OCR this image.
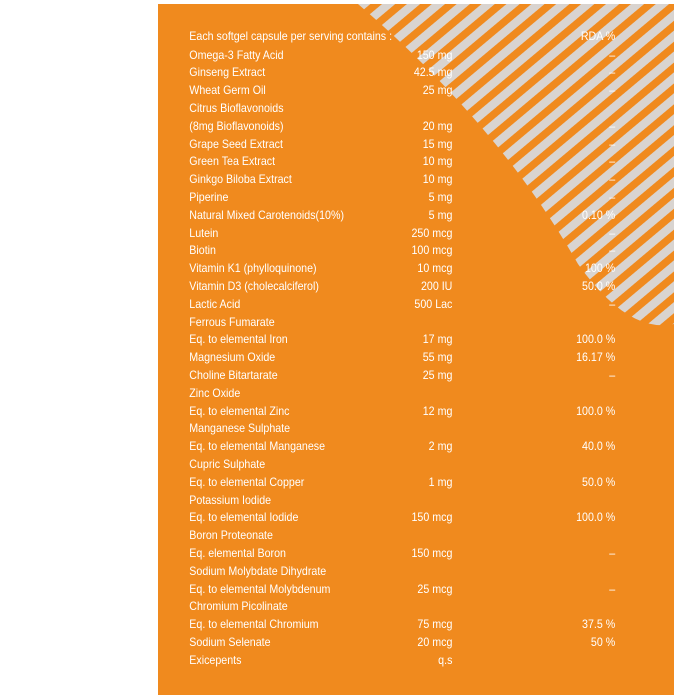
Each softgel capsule per serving contains :	RDA %
Omega-3 Fatty Acid	150 mg	–
Ginseng Extract	42.5 mg	–
Wheat Germ Oil	25 mg	–
Citrus Bioflavonoids
(8mg Bioflavonoids)	20 mg	–
Grape Seed Extract	15 mg	–
Green Tea Extract	10 mg	–
Ginkgo Biloba Extract	10 mg	–
Piperine	5 mg	–
Natural Mixed Carotenoids(10%)	5 mg	0.10 %
Lutein	250 mcg	–
Biotin	100 mcg	–
Vitamin K1 (phylloquinone)	10 mcg	100 %
Vitamin D3 (cholecalciferol)	200 IU	50.0 %
Lactic Acid	500 Lac	–
Ferrous Fumarate
Eq. to elemental Iron	17 mg	100.0 %
Magnesium Oxide	55 mg	16.17 %
Choline Bitartarate	25 mg	–
Zinc Oxide
Eq. to elemental Zinc	12 mg	100.0 %
Manganese Sulphate
Eq. to elemental Manganese	2 mg	40.0 %
Cupric Sulphate
Eq. to elemental Copper	1 mg	50.0 %
Potassium Iodide
Eq. to elemental Iodide	150 mcg	100.0 %
Boron Proteonate
Eq. elemental Boron	150 mcg	–
Sodium Molybdate Dihydrate
Eq. to elemental Molybdenum	25 mcg	–
Chromium Picolinate
Eq. to elemental Chromium	75 mcg	37.5 %
Sodium Selenate	20 mcg	50 %
Exicepents	q.s
